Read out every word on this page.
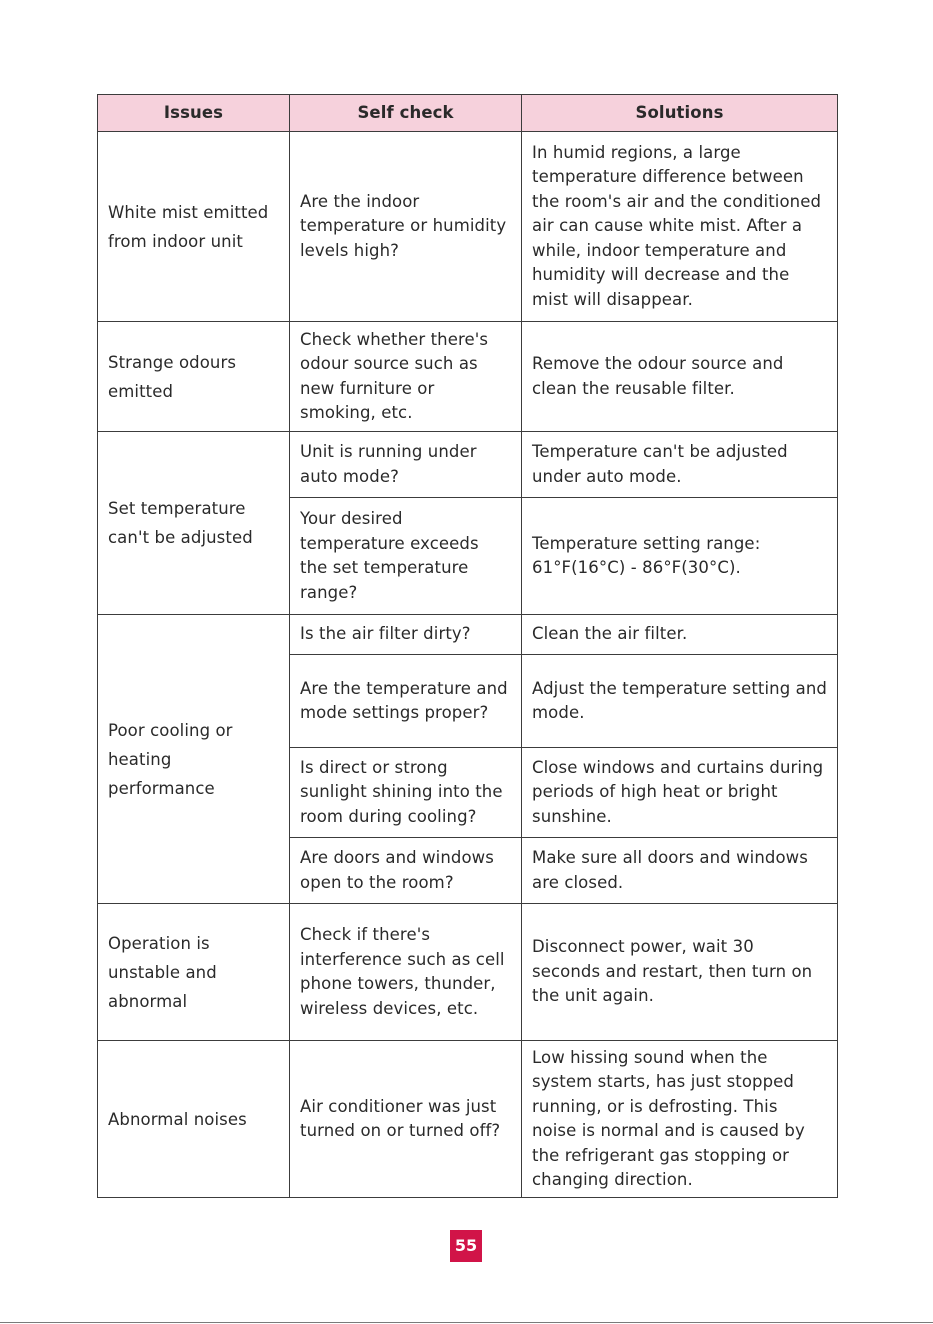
Issues	Self check	Solutions
White mist emitted from indoor unit	Are the indoor temperature or humidity levels high?	In humid regions, a large temperature difference between the room's air and the conditioned air can cause white mist. After a while, indoor temperature and humidity will decrease and the mist will disappear.
Strange odours emitted	Check whether there's odour source such as new furniture or smoking, etc.	Remove the odour source and clean the reusable filter.
Set temperature can't be adjusted	Unit is running under auto mode?	Temperature can't be adjusted under auto mode.
	Your desired temperature exceeds the set temperature range?	Temperature setting range: 61°F(16°C) - 86°F(30°C).
Poor cooling or heating performance	Is the air filter dirty?	Clean the air filter.
	Are the temperature and mode settings proper?	Adjust the temperature setting and mode.
	Is direct or strong sunlight shining into the room during cooling?	Close windows and curtains during periods of high heat or bright sunshine.
	Are doors and windows open to the room?	Make sure all doors and windows are closed.
Operation is unstable and abnormal	Check if there's interference such as cell phone towers, thunder, wireless devices, etc.	Disconnect power, wait 30 seconds and restart, then turn on the unit again.
Abnormal noises	Air conditioner was just turned on or turned off?	Low hissing sound when the system starts, has just stopped running, or is defrosting. This noise is normal and is caused by the refrigerant gas stopping or changing direction.
55
